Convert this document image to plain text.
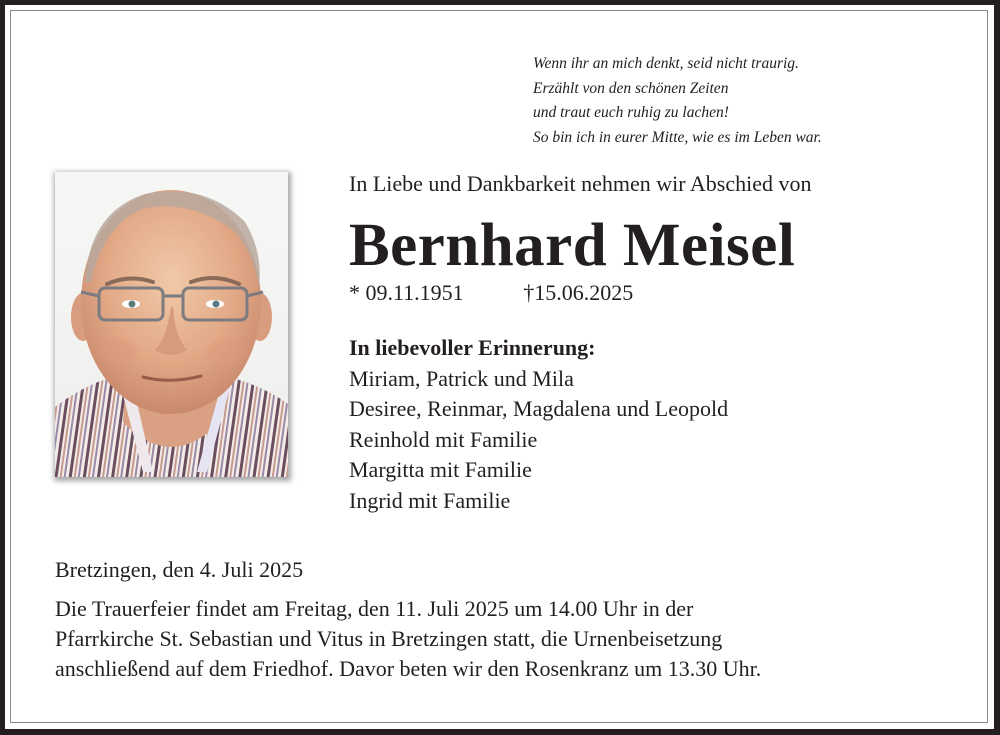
Wenn ihr an mich denkt, seid nicht traurig.
Erzählt von den schönen Zeiten
und traut euch ruhig zu lachen!
So bin ich in eurer Mitte, wie es im Leben war.
In Liebe und Dankbarkeit nehmen wir Abschied von
Bernhard Meisel
* 09.11.1951	†15.06.2025
In liebevoller Erinnerung:
Miriam, Patrick und Mila
Desiree, Reinmar, Magdalena und Leopold
Reinhold mit Familie
Margitta mit Familie
Ingrid mit Familie
Bretzingen, den 4. Juli 2025
Die Trauerfeier findet am Freitag, den 11. Juli 2025 um 14.00 Uhr in der
Pfarrkirche St. Sebastian und Vitus in Bretzingen statt, die Urnenbeisetzung
anschließend auf dem Friedhof. Davor beten wir den Rosenkranz um 13.30 Uhr.
